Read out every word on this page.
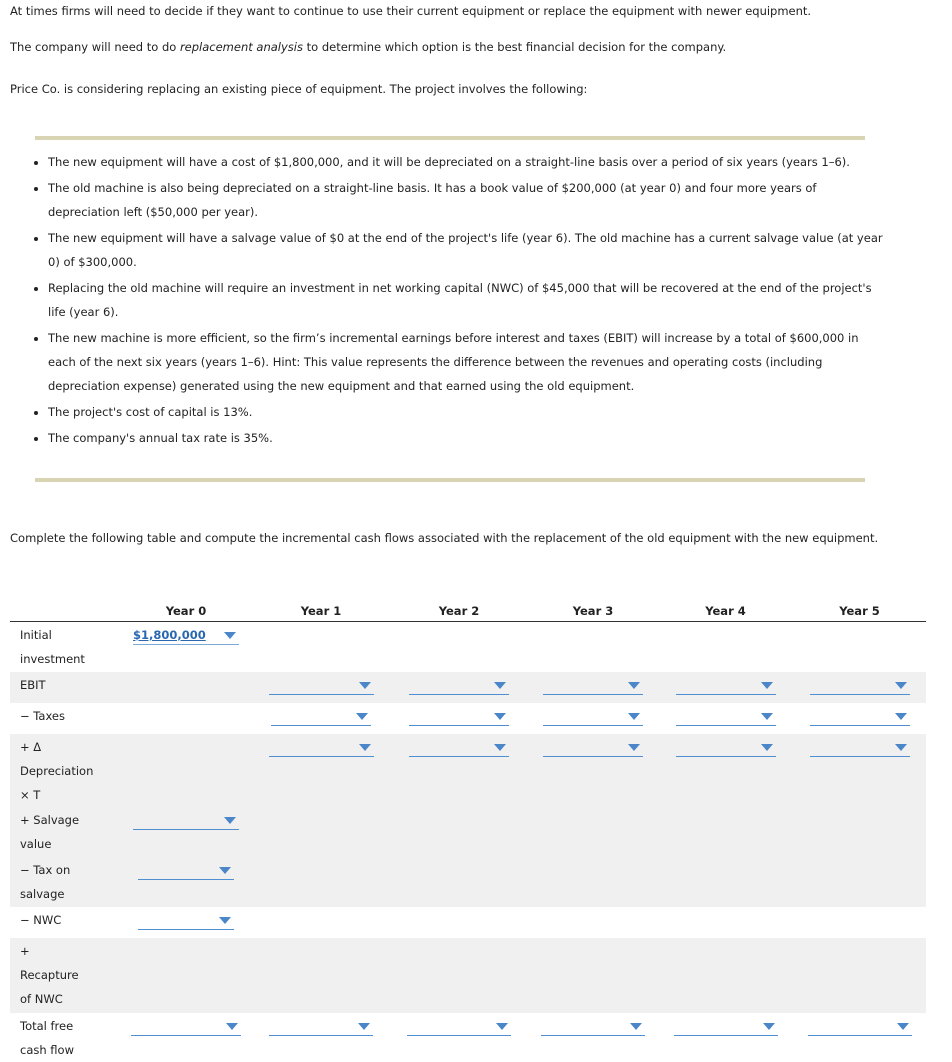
At times firms will need to decide if they want to continue to use their current equipment or replace the equipment with newer equipment.

The company will need to do replacement analysis to determine which option is the best financial decision for the company.

Price Co. is considering replacing an existing piece of equipment. The project involves the following:

• The new equipment will have a cost of $1,800,000, and it will be depreciated on a straight-line basis over a period of six years (years 1–6).
• The old machine is also being depreciated on a straight-line basis. It has a book value of $200,000 (at year 0) and four more years of depreciation left ($50,000 per year).
• The new equipment will have a salvage value of $0 at the end of the project's life (year 6). The old machine has a current salvage value (at year 0) of $300,000.
• Replacing the old machine will require an investment in net working capital (NWC) of $45,000 that will be recovered at the end of the project's life (year 6).
• The new machine is more efficient, so the firm’s incremental earnings before interest and taxes (EBIT) will increase by a total of $600,000 in each of the next six years (years 1–6). Hint: This value represents the difference between the revenues and operating costs (including depreciation expense) generated using the new equipment and that earned using the old equipment.
• The project's cost of capital is 13%.
• The company's annual tax rate is 35%.

Complete the following table and compute the incremental cash flows associated with the replacement of the old equipment with the new equipment.

	Year 0	Year 1	Year 2	Year 3	Year 4	Year 5

Initial investment	$1,800,000					

EBIT						

− Taxes						

+ Δ Depreciation × T						

+ Salvage value						

− Tax on salvage						

− NWC						

+ Recapture of NWC						

Total free cash flow						
